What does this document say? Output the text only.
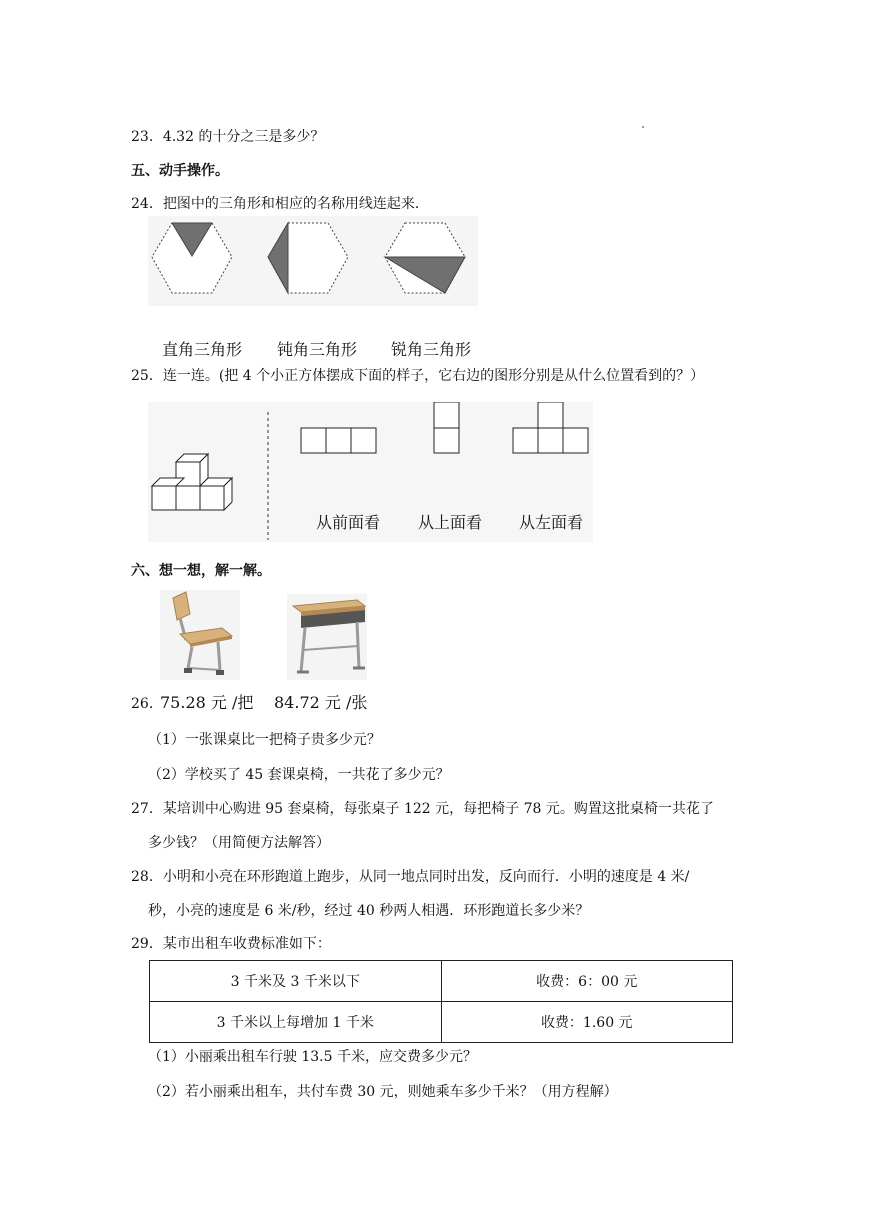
23．4.32 的十分之三是多少？
五、动手操作。
24．把图中的三角形和相应的名称用线连起来．
直角三角形 钝角三角形 锐角三角形
25．连一连。(把 4 个小正方体摆成下面的样子，它右边的图形分别是从什么位置看到的？）
从前面看 从上面看 从左面看
六、想一想，解一解。
26．
75.28 元 /把 84.72 元 /张
（1）一张课桌比一把椅子贵多少元？
（2）学校买了 45 套课桌椅，一共花了多少元？
27．某培训中心购进 95 套桌椅，每张桌子 122 元，每把椅子 78 元。购置这批桌椅一共花了
多少钱？（用简便方法解答）
28．小明和小亮在环形跑道上跑步，从同一地点同时出发，反向而行．小明的速度是 4 米/
秒，小亮的速度是 6 米/秒，经过 40 秒两人相遇．环形跑道长多少米？
29．某市出租车收费标准如下：
3 千米及 3 千米以下	收费：6：00 元
3 千米以上每增加 1 千米	收费：1.60 元
（1）小丽乘出租车行驶 13.5 千米，应交费多少元？
（2）若小丽乘出租车，共付车费 30 元，则她乘车多少千米？（用方程解）
